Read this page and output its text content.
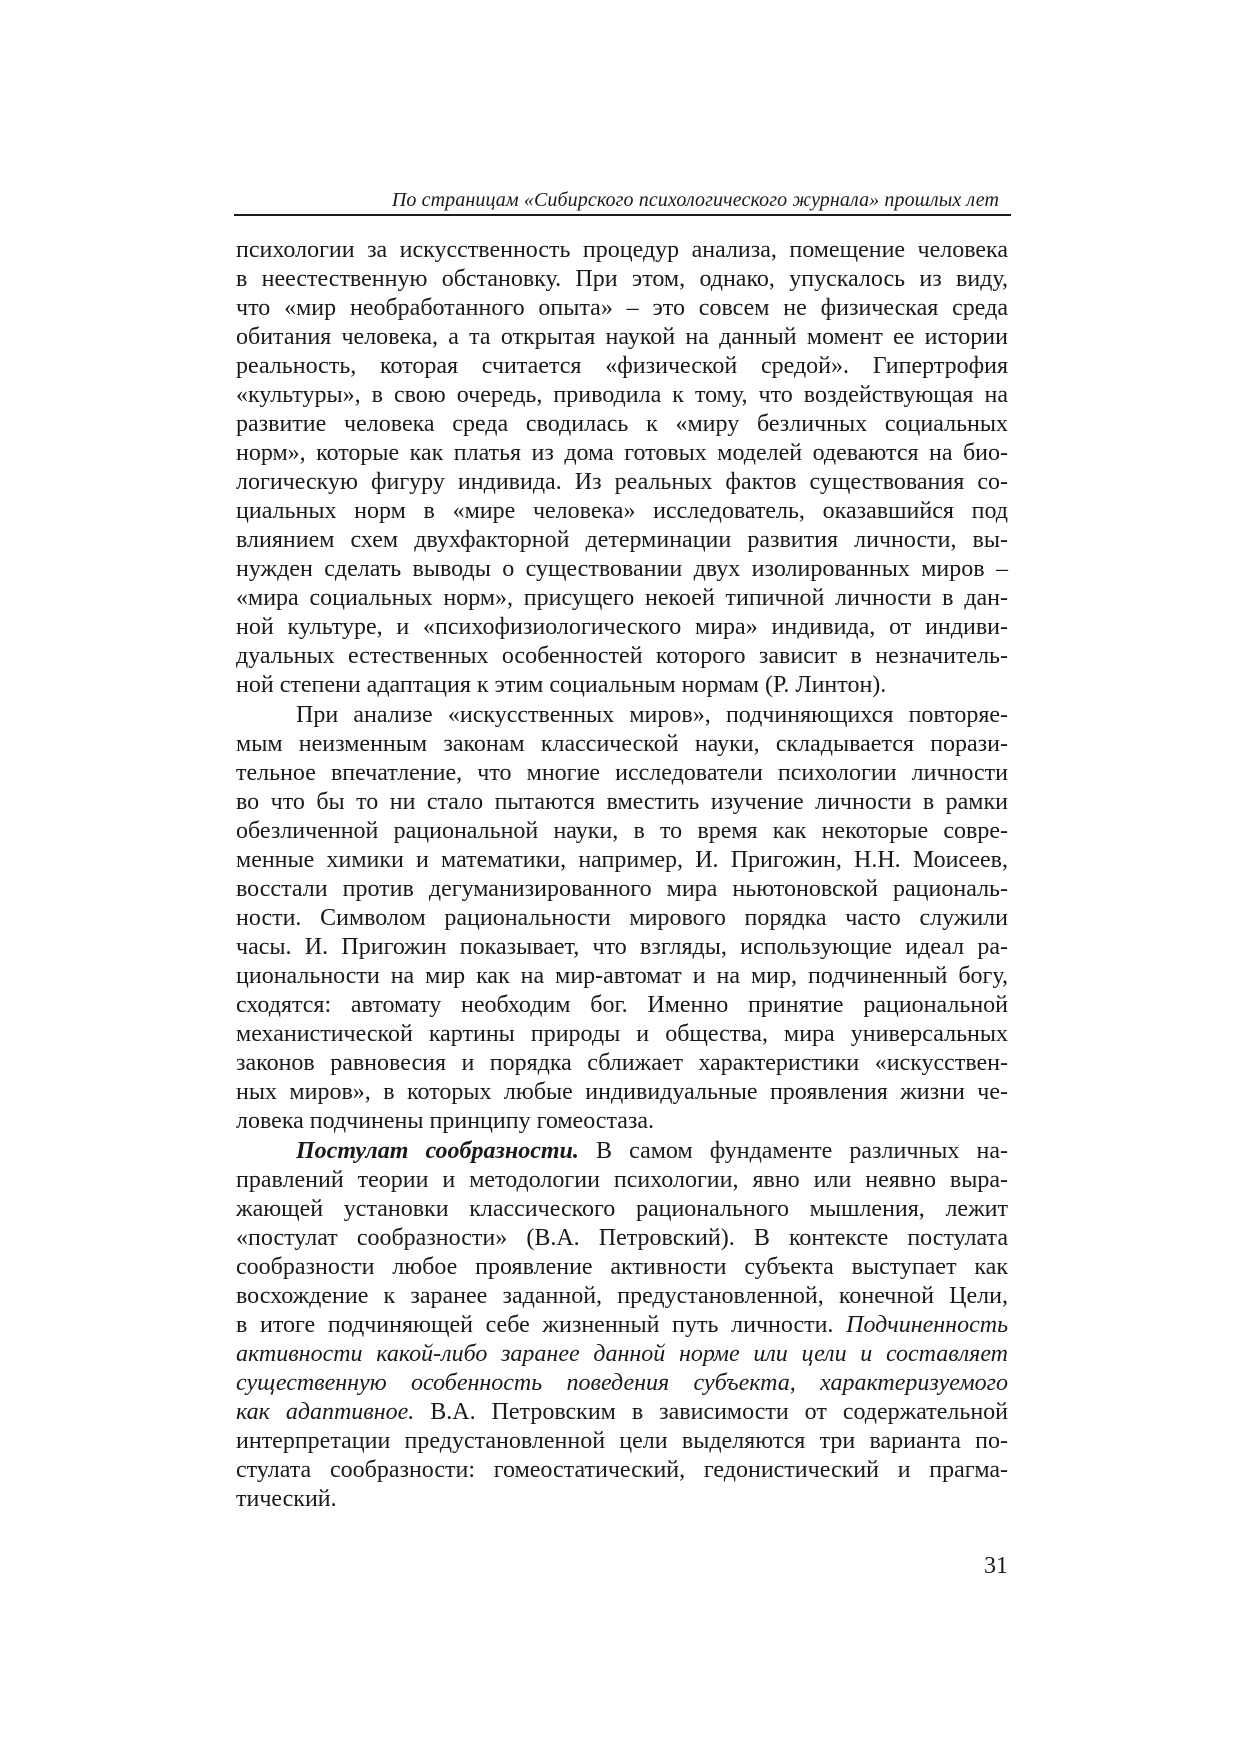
По страницам «Сибирского психологического журнала» прошлых лет
психологии за искусственность процедур анализа, помещение человека
в неестественную обстановку. При этом, однако, упускалось из виду,
что «мир необработанного опыта» – это совсем не физическая среда
обитания человека, а та открытая наукой на данный момент ее истории
реальность, которая считается «физической средой». Гипертрофия
«культуры», в свою очередь, приводила к тому, что воздействующая на
развитие человека среда сводилась к «миру безличных социальных
норм», которые как платья из дома готовых моделей одеваются на био-
логическую фигуру индивида. Из реальных фактов существования со-
циальных норм в «мире человека» исследователь, оказавшийся под
влиянием схем двухфакторной детерминации развития личности, вы-
нужден сделать выводы о существовании двух изолированных миров –
«мира социальных норм», присущего некоей типичной личности в дан-
ной культуре, и «психофизиологического мира» индивида, от индиви-
дуальных естественных особенностей которого зависит в незначитель-
ной степени адаптация к этим социальным нормам (Р. Линтон).
При анализе «искусственных миров», подчиняющихся повторяе-
мым неизменным законам классической науки, складывается порази-
тельное впечатление, что многие исследователи психологии личности
во что бы то ни стало пытаются вместить изучение личности в рамки
обезличенной рациональной науки, в то время как некоторые совре-
менные химики и математики, например, И. Пригожин, Н.Н. Моисеев,
восстали против дегуманизированного мира ньютоновской рациональ-
ности. Символом рациональности мирового порядка часто служили
часы. И. Пригожин показывает, что взгляды, использующие идеал ра-
циональности на мир как на мир-автомат и на мир, подчиненный богу,
сходятся: автомату необходим бог. Именно принятие рациональной
механистической картины природы и общества, мира универсальных
законов равновесия и порядка сближает характеристики «искусствен-
ных миров», в которых любые индивидуальные проявления жизни че-
ловека подчинены принципу гомеостаза.
Постулат сообразности. В самом фундаменте различных на-
правлений теории и методологии психологии, явно или неявно выра-
жающей установки классического рационального мышления, лежит
«постулат сообразности» (В.А. Петровский). В контексте постулата
сообразности любое проявление активности субъекта выступает как
восхождение к заранее заданной, предустановленной, конечной Цели,
в итоге подчиняющей себе жизненный путь личности. Подчиненность
активности какой-либо заранее данной норме или цели и составляет
существенную особенность поведения субъекта, характеризуемого
как адаптивное. В.А. Петровским в зависимости от содержательной
интерпретации предустановленной цели выделяются три варианта по-
стулата сообразности: гомеостатический, гедонистический и прагма-
тический.
31
